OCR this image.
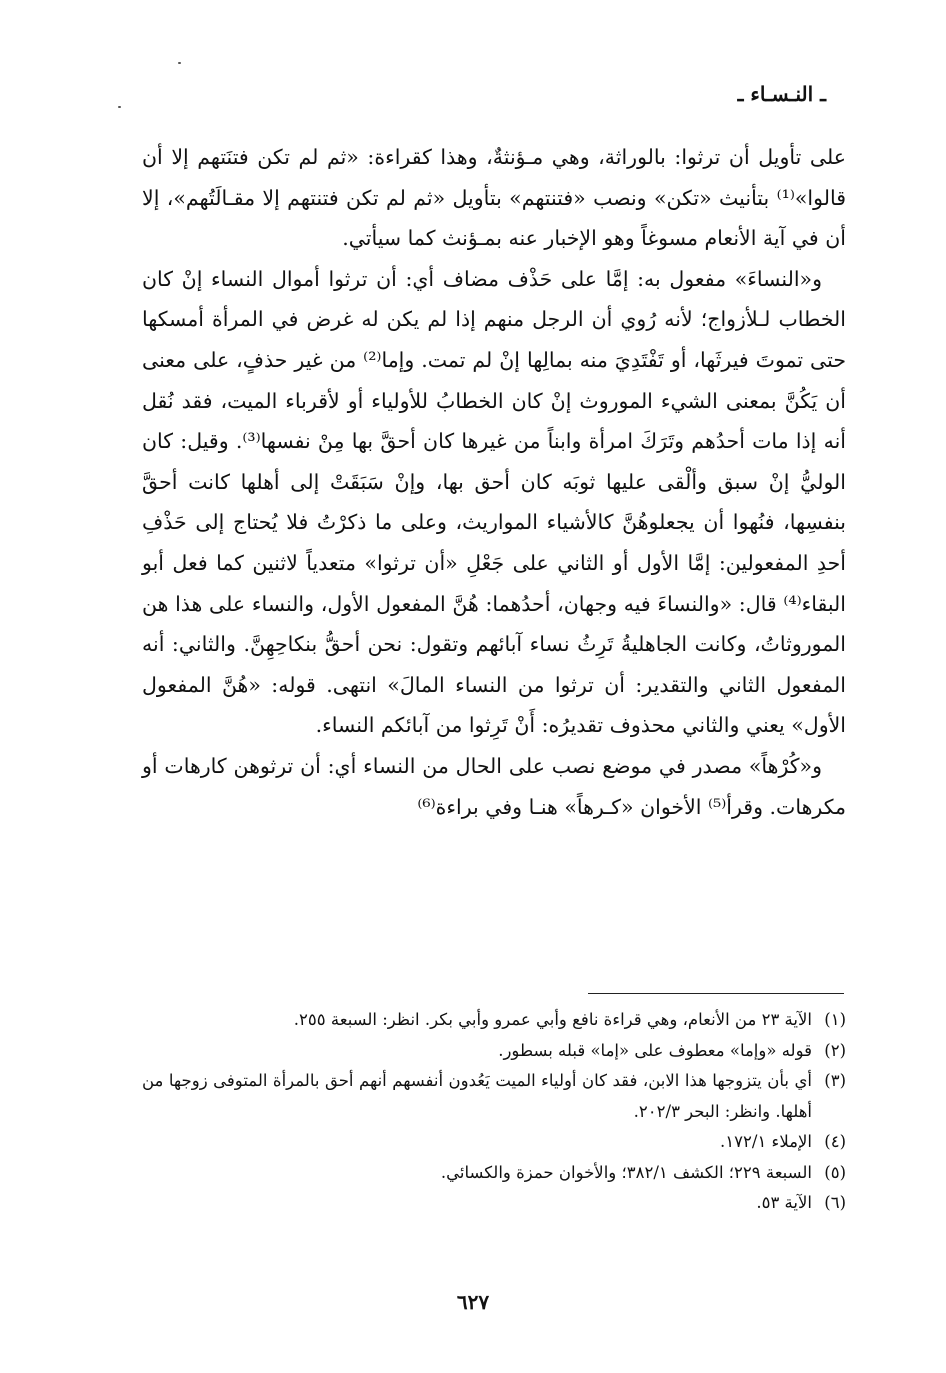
ـ النـسـاء ـ

على تأويل أن ترثوا: بالوراثة، وهي مـؤنثةٌ، وهذا كقراءة: «ثم لم تكن فتنَتهم إلا أن قالوا»⁽¹⁾ بتأنيث «تكن» ونصب «فتنتهم» بتأويل «ثم لم تكن فتنتهم إلا مقـالَتُهم»، إلا أن في آية الأنعام مسوغاً وهو الإخبار عنه بمـؤنث كما سيأتي.

و«النساءَ» مفعول به: إمَّا على حَذْف مضاف أي: أن ترثوا أموال النساء إنْ كان الخطاب لـلأزواج؛ لأنه رُوي أن الرجل منهم إذا لم يكن له غرض في المرأة أمسكها حتى تموتَ فيرثَها، أو تَفْتَدِيَ منه بمالِها إنْ لم تمت. وإما⁽²⁾ من غير حذفٍ، على معنى أن يَكُنَّ بمعنى الشيء الموروث إنْ كان الخطابُ للأولياء أو لأقرباء الميت، فقد نُقل أنه إذا مات أحدُهم وتَرَكَ امرأة وابناً من غيرها كان أحقَّ بها مِنْ نفسها⁽³⁾. وقيل: كان الوليُّ إنْ سبق وألْقى عليها ثوبَه كان أحق بها، وإنْ سَبَقَتْ إلى أهلها كانت أحقَّ بنفسِها، فنُهوا أن يجعلوهُنَّ كالأشياء المواريث، وعلى ما ذكرْتُ فلا يُحتاج إلى حَذْفِ أحدِ المفعولين: إمَّا الأول أو الثاني على جَعْلِ «أن ترثوا» متعدياً لاثنين كما فعل أبو البقاء⁽⁴⁾ قال: «والنساءَ فيه وجهان، أحدُهما: هُنَّ المفعول الأول، والنساء على هذا هن الموروثاتُ، وكانت الجاهليةُ تَرِثُ نساء آبائهم وتقول: نحن أحقُّ بنكاحِهِنَّ. والثاني: أنه المفعول الثاني والتقدير: أن ترثوا من النساء المالَ» انتهى. قوله: «هُنَّ المفعول الأول» يعني والثاني محذوف تقديرُه: أَنْ تَرِثوا من آبائكم النساء.

و«كُرْهاً» مصدر في موضع نصب على الحال من النساء أي: أن ترثوهن كارهات أو مكرهات. وقرأ⁽⁵⁾ الأخوان «كـرهاً» هنـا وفي براءة⁽⁶⁾

(١)
الآية ٢٣ من الأنعام، وهي قراءة نافع وأبي عمرو وأبي بكر. انظر: السبعة ٢٥٥.
(٢)
قوله «وإما» معطوف على «إما» قبله بسطور.
(٣)
أي بأن يتزوجها هذا الابن، فقد كان أولياء الميت يَعُدون أنفسهم أنهم أحق بالمرأة المتوفى زوجها من أهلها. وانظر: البحر ٢٠٢/٣.
(٤)
الإملاء ١٧٢/١.
(٥)
السبعة ٢٢٩؛ الكشف ٣٨٢/١؛ والأخوان حمزة والكسائي.
(٦)
الآية ٥٣.
٦٢٧
